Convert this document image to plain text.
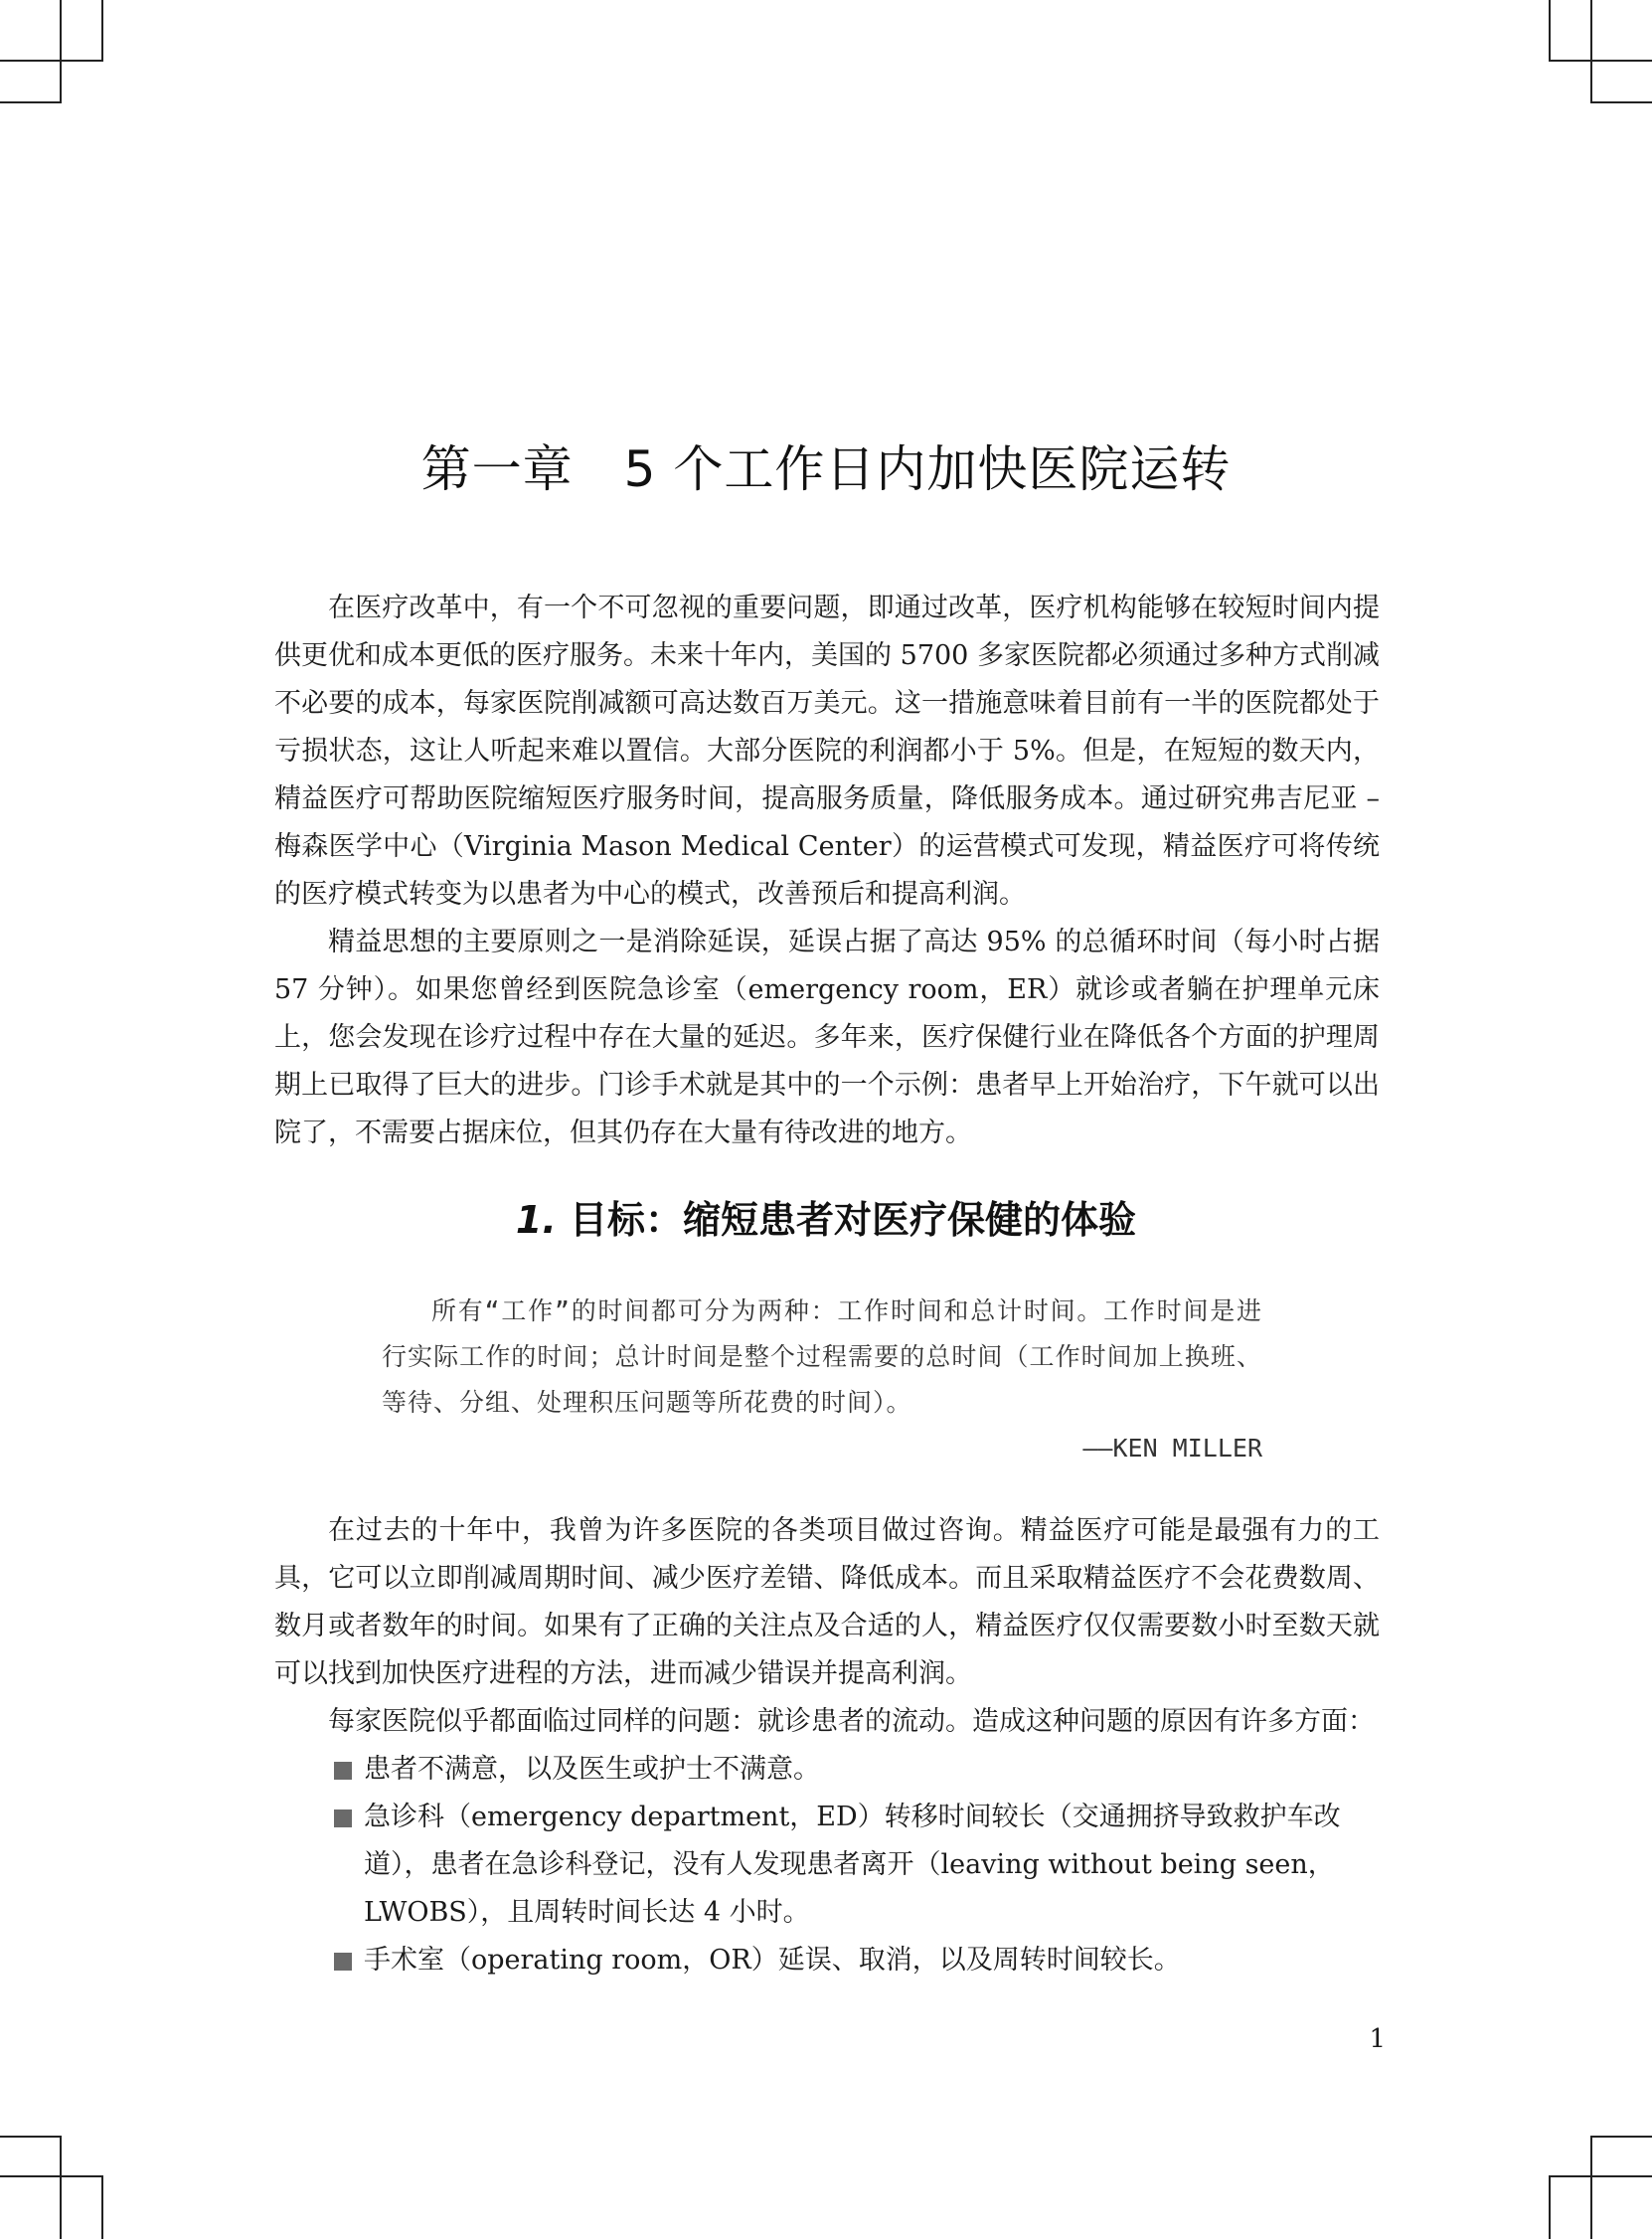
第一章　5 个工作日内加快医院运转

在医疗改革中，有一个不可忽视的重要问题，即通过改革，医疗机构能够在较短时间内提供更优和成本更低的医疗服务。未来十年内，美国的 5700 多家医院都必须通过多种方式削减不必要的成本，每家医院削减额可高达数百万美元。这一措施意味着目前有一半的医院都处于亏损状态，这让人听起来难以置信。大部分医院的利润都小于 5%。但是，在短短的数天内，精益医疗可帮助医院缩短医疗服务时间，提高服务质量，降低服务成本。通过研究弗吉尼亚 – 梅森医学中心（Virginia Mason Medical Center）的运营模式可发现，精益医疗可将传统的医疗模式转变为以患者为中心的模式，改善预后和提高利润。

精益思想的主要原则之一是消除延误，延误占据了高达 95% 的总循环时间（每小时占据 57 分钟）。如果您曾经到医院急诊室（emergency room，ER）就诊或者躺在护理单元床上，您会发现在诊疗过程中存在大量的延迟。多年来，医疗保健行业在降低各个方面的护理周期上已取得了巨大的进步。门诊手术就是其中的一个示例：患者早上开始治疗，下午就可以出院了，不需要占据床位，但其仍存在大量有待改进的地方。

1. 目标：缩短患者对医疗保健的体验

所有“工作”的时间都可分为两种：工作时间和总计时间。工作时间是进行实际工作的时间；总计时间是整个过程需要的总时间（工作时间加上换班、等待、分组、处理积压问题等所花费的时间）。

——KEN MILLER

在过去的十年中，我曾为许多医院的各类项目做过咨询。精益医疗可能是最强有力的工具，它可以立即削减周期时间、减少医疗差错、降低成本。而且采取精益医疗不会花费数周、数月或者数年的时间。如果有了正确的关注点及合适的人，精益医疗仅仅需要数小时至数天就可以找到加快医疗进程的方法，进而减少错误并提高利润。

每家医院似乎都面临过同样的问题：就诊患者的流动。造成这种问题的原因有许多方面：

患者不满意，以及医生或护士不满意。
急诊科（emergency department，ED）转移时间较长（交通拥挤导致救护车改道），患者在急诊科登记，没有人发现患者离开（leaving without being seen，LWOBS），且周转时间长达 4 小时。
手术室（operating room，OR）延误、取消，以及周转时间较长。
1
